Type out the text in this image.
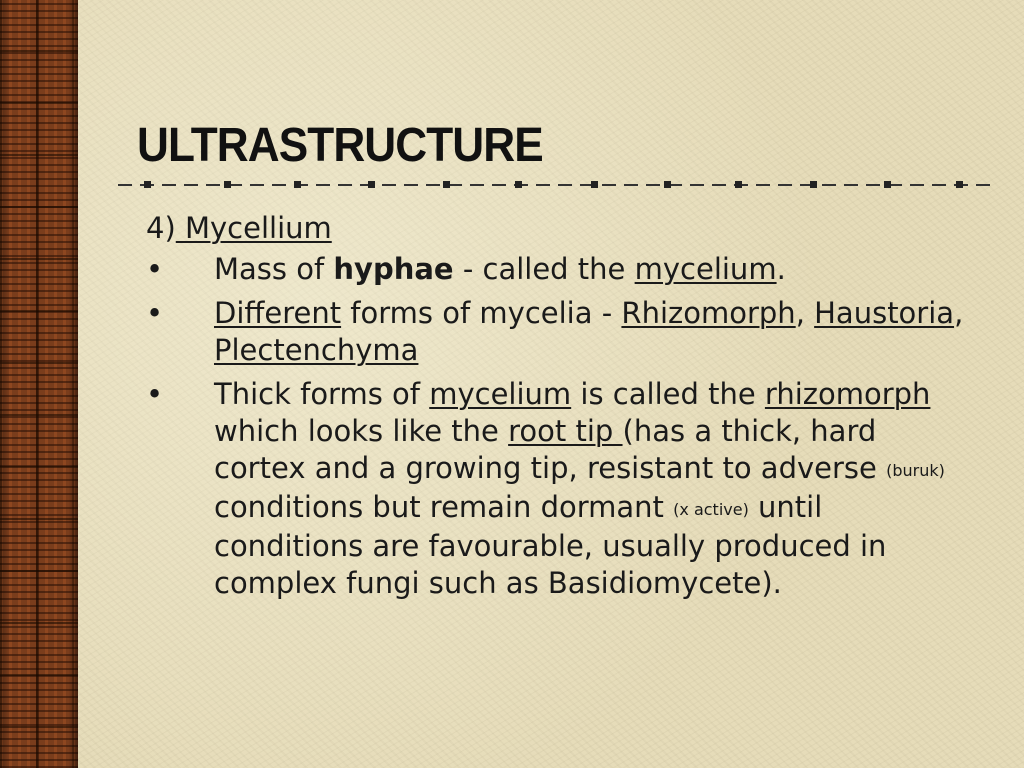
ULTRASTRUCTURE

4) Mycellium

• Mass of hyphae - called the mycelium.
• Different forms of mycelia - Rhizomorph, Haustoria, Plectenchyma
• Thick forms of mycelium is called the rhizomorph which looks like the root tip (has a thick, hard cortex and a growing tip, resistant to adverse (buruk) conditions but remain dormant (x active) until conditions are favourable, usually produced in complex fungi such as Basidiomycete).
